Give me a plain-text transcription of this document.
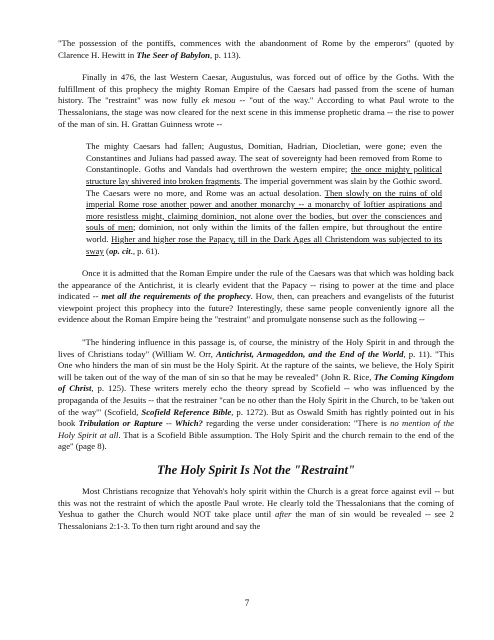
"The possession of the pontiffs, commences with the abandonment of Rome by the emperors" (quoted by Clarence H. Hewitt in The Seer of Babylon, p. 113).

Finally in 476, the last Western Caesar, Augustulus, was forced out of office by the Goths. With the fulfillment of this prophecy the mighty Roman Empire of the Caesars had passed from the scene of human history. The "restraint" was now fully ek mesou -- "out of the way." According to what Paul wrote to the Thessalonians, the stage was now cleared for the next scene in this immense prophetic drama -- the rise to power of the man of sin. H. Grattan Guinness wrote --

The mighty Caesars had fallen; Augustus, Domitian, Hadrian, Diocletian, were gone; even the Constantines and Julians had passed away. The seat of sovereignty had been removed from Rome to Constantinople. Goths and Vandals had overthrown the western empire; the once mighty political structure lay shivered into broken fragments. The imperial government was slain by the Gothic sword. The Caesars were no more, and Rome was an actual desolation. Then slowly on the ruins of old imperial Rome rose another power and another monarchy -- a monarchy of loftier aspirations and more resistless might, claiming dominion, not alone over the bodies, but over the consciences and souls of men; dominion, not only within the limits of the fallen empire, but throughout the entire world. Higher and higher rose the Papacy, till in the Dark Ages all Christendom was subjected to its sway (op. cit., p. 61).

Once it is admitted that the Roman Empire under the rule of the Caesars was that which was holding back the appearance of the Antichrist, it is clearly evident that the Papacy -- rising to power at the time and place indicated -- met all the requirements of the prophecy. How, then, can preachers and evangelists of the futurist viewpoint project this prophecy into the future? Interestingly, these same people conveniently ignore all the evidence about the Roman Empire being the "restraint" and promulgate nonsense such as the following --

"The hindering influence in this passage is, of course, the ministry of the Holy Spirit in and through the lives of Christians today" (William W. Orr, Antichrist, Armageddon, and the End of the World, p. 11). "This One who hinders the man of sin must be the Holy Spirit. At the rapture of the saints, we believe, the Holy Spirit will be taken out of the way of the man of sin so that he may be revealed" (John R. Rice, The Coming Kingdom of Christ, p. 125). These writers merely echo the theory spread by Scofield -- who was influenced by the propaganda of the Jesuits -- that the restrainer "can be no other than the Holy Spirit in the Church, to be 'taken out of the way'" (Scofield, Scofield Reference Bible, p. 1272). But as Oswald Smith has rightly pointed out in his book Tribulation or Rapture -- Which? regarding the verse under consideration: "There is no mention of the Holy Spirit at all. That is a Scofield Bible assumption. The Holy Spirit and the church remain to the end of the age" (page 8).

The Holy Spirit Is Not the "Restraint"

Most Christians recognize that Yehovah's holy spirit within the Church is a great force against evil -- but this was not the restraint of which the apostle Paul wrote. He clearly told the Thessalonians that the coming of Yeshua to gather the Church would NOT take place until after the man of sin would be revealed -- see 2 Thessalonians 2:1-3. To then turn right around and say the

7
